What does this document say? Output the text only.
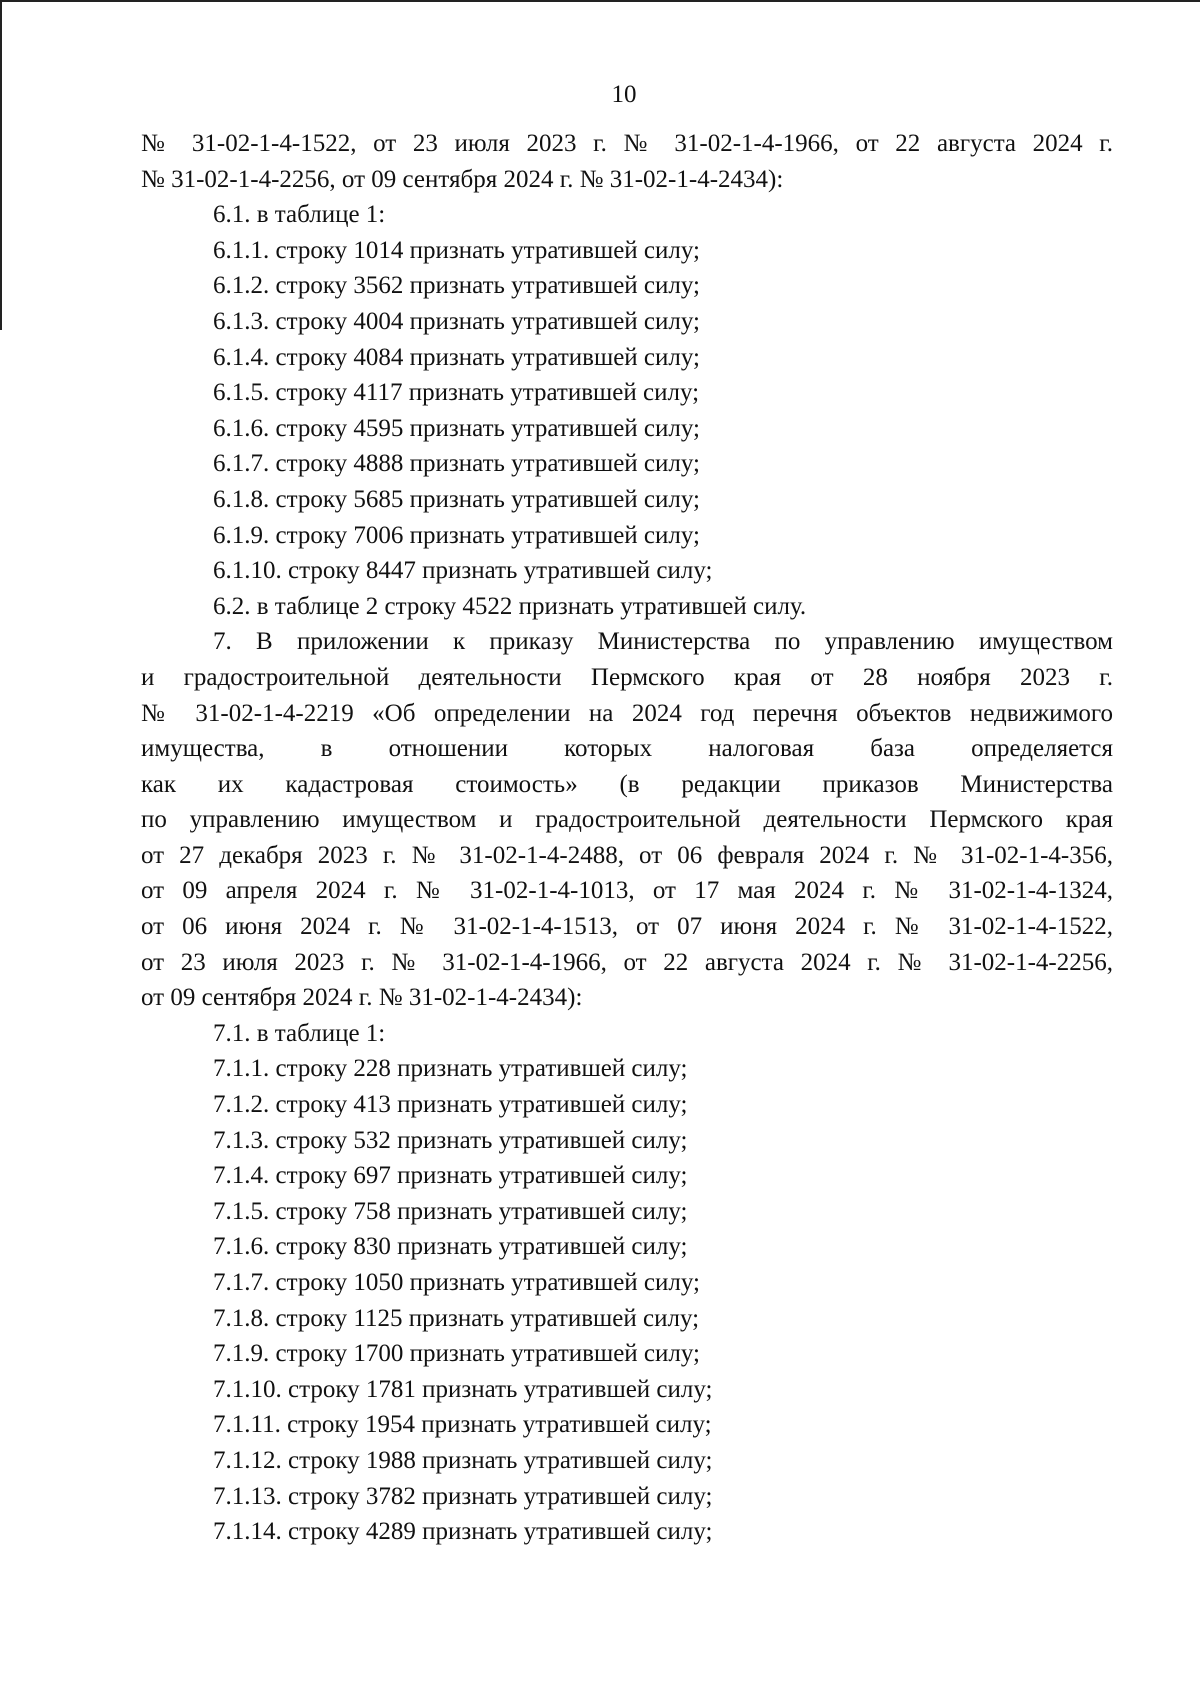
10
№ 31-02-1-4-1522, от 23 июля 2023 г. № 31-02-1-4-1966, от 22 августа 2024 г.
№ 31-02-1-4-2256, от 09 сентября 2024 г. № 31-02-1-4-2434):
6.1. в таблице 1:
6.1.1. строку 1014 признать утратившей силу;
6.1.2. строку 3562 признать утратившей силу;
6.1.3. строку 4004 признать утратившей силу;
6.1.4. строку 4084 признать утратившей силу;
6.1.5. строку 4117 признать утратившей силу;
6.1.6. строку 4595 признать утратившей силу;
6.1.7. строку 4888 признать утратившей силу;
6.1.8. строку 5685 признать утратившей силу;
6.1.9. строку 7006 признать утратившей силу;
6.1.10. строку 8447 признать утратившей силу;
6.2. в таблице 2 строку 4522 признать утратившей силу.
7. В приложении к приказу Министерства по управлению имуществом
и градостроительной деятельности Пермского края от 28 ноября 2023 г.
№ 31-02-1-4-2219 «Об определении на 2024 год перечня объектов недвижимого
имущества, в отношении которых налоговая база определяется
как их кадастровая стоимость» (в редакции приказов Министерства
по управлению имуществом и градостроительной деятельности Пермского края
от 27 декабря 2023 г. № 31-02-1-4-2488, от 06 февраля 2024 г. № 31-02-1-4-356,
от 09 апреля 2024 г. № 31-02-1-4-1013, от 17 мая 2024 г. № 31-02-1-4-1324,
от 06 июня 2024 г. № 31-02-1-4-1513, от 07 июня 2024 г. № 31-02-1-4-1522,
от 23 июля 2023 г. № 31-02-1-4-1966, от 22 августа 2024 г. № 31-02-1-4-2256,
от 09 сентября 2024 г. № 31-02-1-4-2434):
7.1. в таблице 1:
7.1.1. строку 228 признать утратившей силу;
7.1.2. строку 413 признать утратившей силу;
7.1.3. строку 532 признать утратившей силу;
7.1.4. строку 697 признать утратившей силу;
7.1.5. строку 758 признать утратившей силу;
7.1.6. строку 830 признать утратившей силу;
7.1.7. строку 1050 признать утратившей силу;
7.1.8. строку 1125 признать утратившей силу;
7.1.9. строку 1700 признать утратившей силу;
7.1.10. строку 1781 признать утратившей силу;
7.1.11. строку 1954 признать утратившей силу;
7.1.12. строку 1988 признать утратившей силу;
7.1.13. строку 3782 признать утратившей силу;
7.1.14. строку 4289 признать утратившей силу;
